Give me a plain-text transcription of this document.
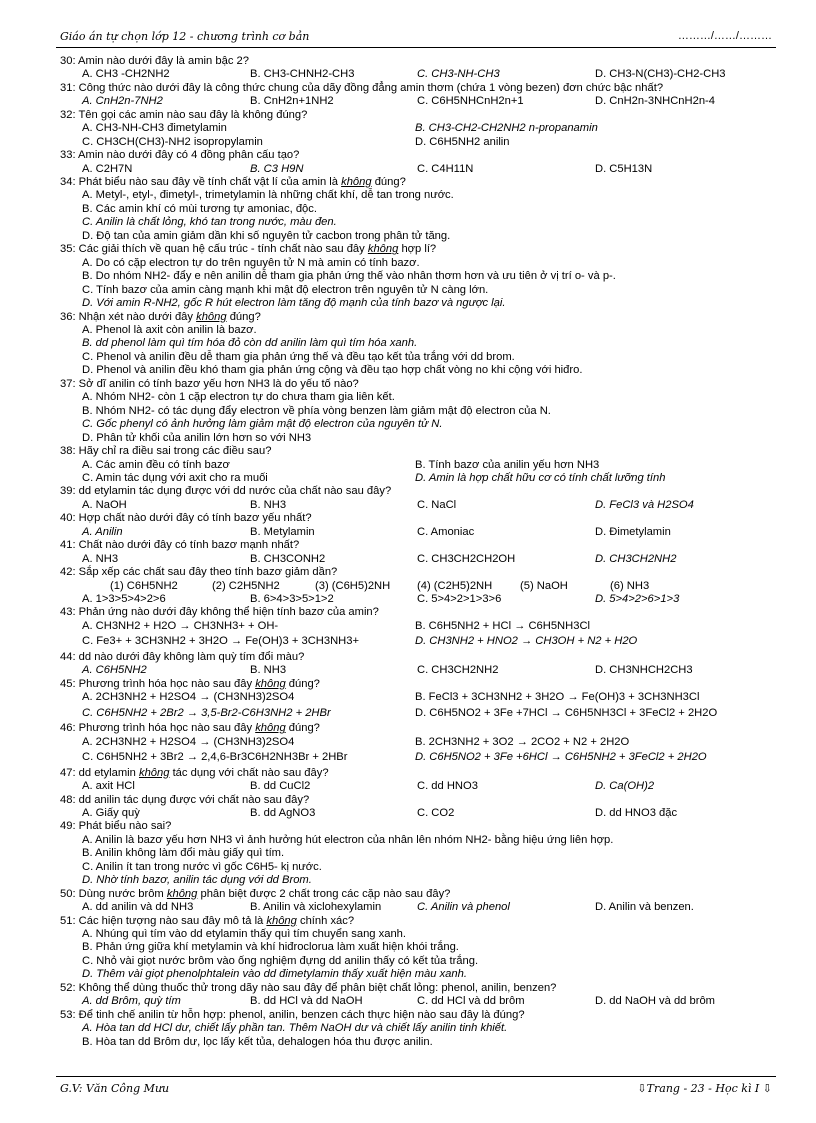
Giáo án tự chọn lớp 12 - chương trình cơ bản	………/……/………
30: Amin nào dưới đây là amin bậc 2?
A. CH3 -CH2NH2	B. CH3-CHNH2-CH3	C. CH3-NH-CH3	D. CH3-N(CH3)-CH2-CH3
31: Công thức nào dưới đây là công thức chung của dãy đồng đẳng amin thơm (chứa 1 vòng bezen) đơn chức bậc nhất?
A. CnH2n-7NH2	B. CnH2n+1NH2	C. C6H5NHCnH2n+1	D. CnH2n-3NHCnH2n-4
32: Tên gọi các amin nào sau đây là không đúng?
A. CH3-NH-CH3 đimetylamin	B. CH3-CH2-CH2NH2 n-propanamin
C. CH3CH(CH3)-NH2 isopropylamin	D. C6H5NH2 anilin
33: Amin nào dưới đây có 4 đồng phân cấu tạo?
A. C2H7N	B. C3 H9N	C. C4H11N	D. C5H13N
34: Phát biểu nào sau đây về tính chất vật lí của amin là không đúng?
A. Metyl-, etyl-, đimetyl-, trimetylamin là những chất khí, dễ tan trong nước.
B. Các amin khí có mùi tương tự amoniac, độc.
C. Anilin là chất lỏng, khó tan trong nước, màu đen.
D. Độ tan của amin giảm dần khi số nguyên tử cacbon trong phân tử tăng.
35: Các giải thích về quan hệ cấu trúc - tính chất nào sau đây không hợp lí?
A. Do có cặp electron tự do trên nguyên tử N mà amin có tính bazơ.
B. Do nhóm NH2- đẩy e nên anilin dễ tham gia phản ứng thế vào nhân thơm hơn và ưu tiên ở vị trí o- và p-.
C. Tính bazơ của amin càng mạnh khi mật độ electron trên nguyên tử N càng lớn.
D. Với amin R-NH2, gốc R hút electron làm tăng độ mạnh của tính bazơ và ngược lại.
36: Nhận xét nào dưới đây không đúng?
A. Phenol là axit còn anilin là bazơ.
B. dd phenol làm quì tím hóa đỏ còn dd anilin làm quì tím hóa xanh.
C. Phenol và anilin đều dễ tham gia phản ứng thế và đều tạo kết tủa trắng với dd brom.
D. Phenol và anilin đều khó tham gia phản ứng cộng và đều tạo hợp chất vòng no khi cộng với hiđro.
37: Sở dĩ anilin có tính bazơ yếu hơn NH3 là do yếu tố nào?
A. Nhóm NH2- còn 1 cặp electron tự do chưa tham gia liên kết.
B. Nhóm NH2- có tác dụng đẩy electron về phía vòng benzen làm giảm mật độ electron của N.
C. Gốc phenyl có ảnh hưởng làm giảm mật độ electron của nguyên tử N.
D. Phân tử khối của anilin lớn hơn so với NH3
38: Hãy chỉ ra điều sai trong các điều sau?
A. Các amin đều có tính bazơ	B. Tính bazơ của anilin yếu hơn NH3
C. Amin tác dụng với axit cho ra muối	D. Amin là hợp chất hữu cơ có tính chất lưỡng tính
39: dd etylamin tác dụng được với dd nước của chất nào sau đây?
A. NaOH	B. NH3	C. NaCl	D. FeCl3 và H2SO4
40: Hợp chất nào dưới đây có tính bazơ yếu nhất?
A. Anilin	B. Metylamin	C. Amoniac	D. Đimetylamin
41: Chất nào dưới đây có tính bazơ mạnh nhất?
A. NH3	B. CH3CONH2	C. CH3CH2CH2OH	D. CH3CH2NH2
42: Sắp xếp các chất sau đây theo tính bazơ giảm dần?
(1) C6H5NH2	(2) C2H5NH2	(3) (C6H5)2NH (4) (C2H5)2NH (5) NaOH	(6) NH3
A. 1>3>5>4>2>6	B. 6>4>3>5>1>2	C. 5>4>2>1>3>6	D. 5>4>2>6>1>3
43: Phản ứng nào dưới đây không thể hiện tính bazơ của amin?
A. CH3NH2 + H2O → CH3NH3+ + OH-	B. C6H5NH2 + HCl → C6H5NH3Cl
C. Fe3+ + 3CH3NH2 + 3H2O → Fe(OH)3 + 3CH3NH3+	D. CH3NH2 + HNO2 → CH3OH + N2 + H2O
44: dd nào dưới đây không làm quỳ tím đổi màu?
A. C6H5NH2	B. NH3	C. CH3CH2NH2	D. CH3NHCH2CH3
45: Phương trình hóa học nào sau đây không đúng?
A. 2CH3NH2 + H2SO4 → (CH3NH3)2SO4	B. FeCl3 + 3CH3NH2 + 3H2O → Fe(OH)3 + 3CH3NH3Cl
C. C6H5NH2 + 2Br2 → 3,5-Br2-C6H3NH2 + 2HBr	D. C6H5NO2 + 3Fe +7HCl → C6H5NH3Cl + 3FeCl2 + 2H2O
46: Phương trình hóa học nào sau đây không đúng?
A. 2CH3NH2 + H2SO4 → (CH3NH3)2SO4	B. 2CH3NH2 + 3O2 → 2CO2 + N2 + 2H2O
C. C6H5NH2 + 3Br2 → 2,4,6-Br3C6H2NH3Br + 2HBr	D. C6H5NO2 + 3Fe +6HCl → C6H5NH2 + 3FeCl2 + 2H2O
47: dd etylamin không tác dụng với chất nào sau đây?
A. axit HCl	B. dd CuCl2	C. dd HNO3	D. Ca(OH)2
48: dd anilin tác dụng được với chất nào sau đây?
A. Giấy quỳ	B. dd AgNO3	C. CO2	D. dd HNO3 đặc
49: Phát biểu nào sai?
A. Anilin là bazơ yếu hơn NH3 vì ảnh hưởng hút electron của nhân lên nhóm NH2- bằng hiệu ứng liên hợp.
B. Anilin không làm đổi màu giấy quì tím.
C. Anilin ít tan trong nước vì gốc C6H5- kị nước.
D. Nhờ tính bazơ, anilin tác dụng với dd Brom.
50: Dùng nước brôm không phân biệt được 2 chất trong các cặp nào sau đây?
A. dd anilin và dd NH3	B. Anilin và xiclohexylamin	C. Anilin và phenol	D. Anilin và benzen.
51: Các hiện tượng nào sau đây mô tả là không chính xác?
A. Nhúng quì tím vào dd etylamin thấy quì tím chuyển sang xanh.
B. Phản ứng giữa khí metylamin và khí hiđroclorua làm xuất hiện khói trắng.
C. Nhỏ vài giọt nước brôm vào ống nghiệm đựng dd anilin thấy có kết tủa trắng.
D. Thêm vài giọt phenolphtalein vào dd đimetylamin thấy xuất hiện màu xanh.
52: Không thể dùng thuốc thử trong dãy nào sau đây để phân biệt chất lỏng: phenol, anilin, benzen?
A. dd Brôm, quỳ tím	B. dd HCl và dd NaOH	C. dd HCl và dd brôm	D. dd NaOH và dd brôm
53: Để tinh chế anilin từ hỗn hợp: phenol, anilin, benzen cách thực hiện nào sau đây là đúng?
A. Hòa tan dd HCl dư, chiết lấy phần tan. Thêm NaOH dư và chiết lấy anilin tinh khiết.
B. Hòa tan dd Brôm dư, lọc lấy kết tủa, dehalogen hóa thu được anilin.
G.V: Văn Công Mưu	⇩Trang - 23 - Học kì I ⇩
